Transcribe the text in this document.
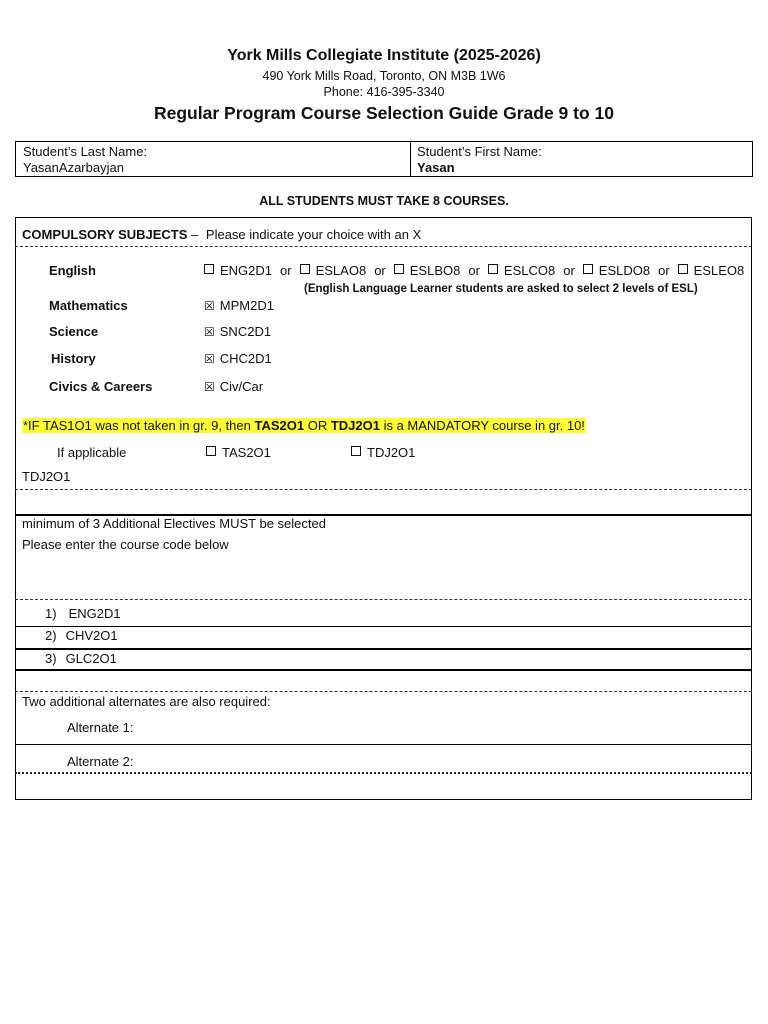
York Mills Collegiate Institute (2025-2026)
490 York Mills Road, Toronto, ON M3B 1W6
Phone: 416-395-3340
Regular Program Course Selection Guide Grade 9 to 10
Student’s Last Name:
YasanAzarbayjan
Student’s First Name:
Yasan
ALL STUDENTS MUST TAKE 8 COURSES.
COMPULSORY SUBJECTS – Please indicate your choice with an X
English	ENG2D1 or ESLAO8 or ESLBO8 or ESLCO8 or ESLDO8 or ESLEO8
(English Language Learner students are asked to select 2 levels of ESL)
Mathematics	☒ MPM2D1
Science	☒ SNC2D1
History	☒ CHC2D1
Civics & Careers	☒ Civ/Car
*IF TAS1O1 was not taken in gr. 9, then TAS2O1 OR TDJ2O1 is a MANDATORY course in gr. 10!
If applicable	TAS2O1	TDJ2O1
TDJ2O1
minimum of 3 Additional Electives MUST be selected
Please enter the course code below
1) ENG2D1
2) CHV2O1
3) GLC2O1
Two additional alternates are also required:
Alternate 1:
Alternate 2:
